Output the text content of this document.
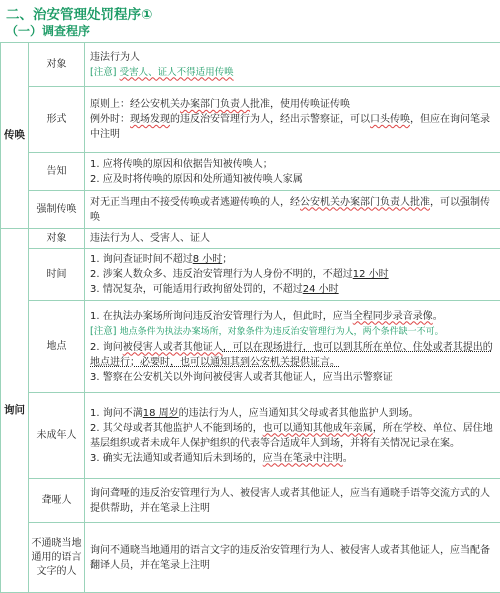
二、治安管理处罚程序①
（一）调查程序
传唤	对象	违法行为人
[注意] 受害人、证人不得适用传唤

	形式	原则上：经公安机关办案部门负责人批准，使用传唤证传唤
例外时：现场发现的违反治安管理行为人，经出示警察证，可以口头传唤，但应在询问笔录中注明

	告知	1. 应将传唤的原因和依据告知被传唤人；
2. 应及时将传唤的原因和处所通知被传唤人家属

	强制传唤	对无正当理由不接受传唤或者逃避传唤的人，经公安机关办案部门负责人批准，可以强制传唤
询问	对象	违法行为人、受害人、证人
	时间	1. 询问查证时间不超过8 小时；
2. 涉案人数众多、违反治安管理行为人身份不明的，不超过12 小时
3. 情况复杂，可能适用行政拘留处罚的，不超过24 小时

	地点	1. 在执法办案场所询问违反治安管理行为人，但此时，应当全程同步录音录像。
[注意] 地点条件为执法办案场所，对象条件为违反治安管理行为人，两个条件缺一不可。
2. 询问被侵害人或者其他证人，可以在现场进行，也可以到其所在单位、住处或者其提出的地点进行；必要时，也可以通知其到公安机关提供证言。
3. 警察在公安机关以外询问被侵害人或者其他证人，应当出示警察证

	未成年人	1. 询问不满18 周岁的违法行为人，应当通知其父母或者其他监护人到场。
2. 其父母或者其他监护人不能到场的，也可以通知其他成年亲属，所在学校、单位、居住地基层组织或者未成年人保护组织的代表等合适成年人到场，并将有关情况记录在案。
3. 确实无法通知或者通知后未到场的，应当在笔录中注明。

	聋哑人	询问聋哑的违反治安管理行为人、被侵害人或者其他证人，应当有通晓手语等交流方式的人提供帮助，并在笔录上注明
	不通晓当地通用的语言文字的人	询问不通晓当地通用的语言文字的违反治安管理行为人、被侵害人或者其他证人，应当配备翻译人员，并在笔录上注明
